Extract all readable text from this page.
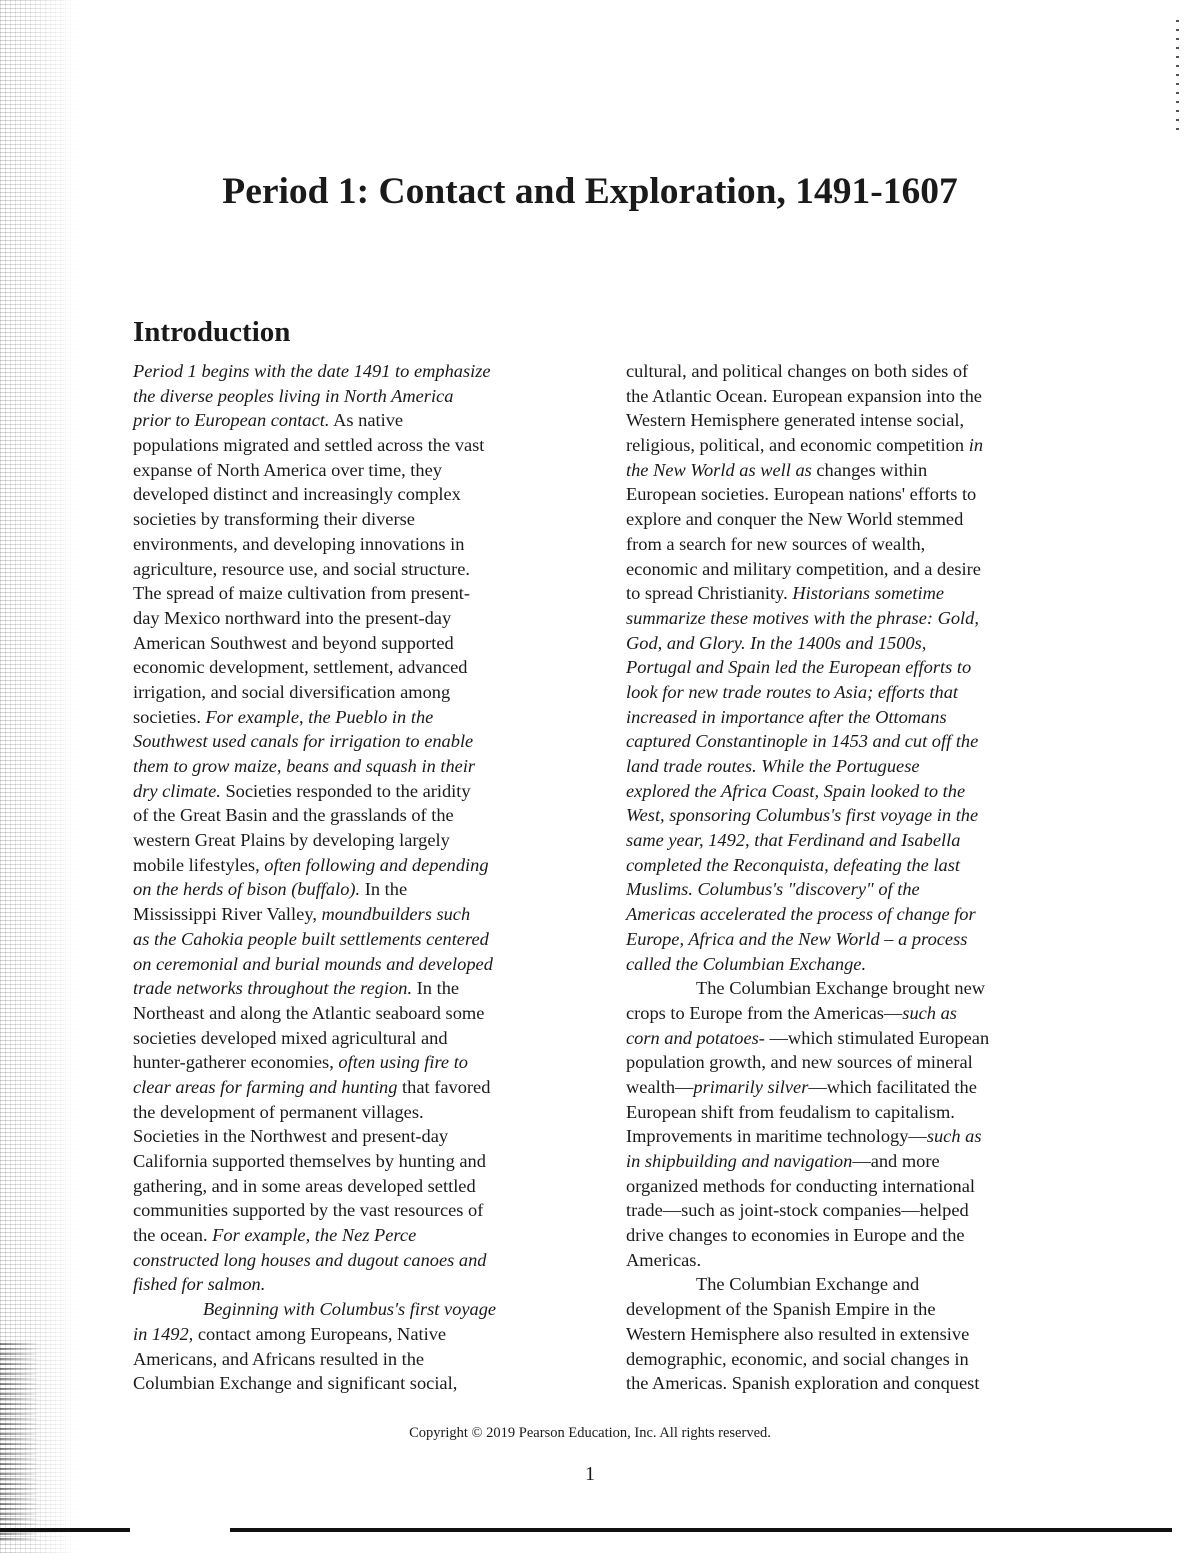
Period 1: Contact and Exploration, 1491-1607
Introduction
Period 1 begins with the date 1491 to emphasize
the diverse peoples living in North America
prior to European contact. As native
populations migrated and settled across the vast
expanse of North America over time, they
developed distinct and increasingly complex
societies by transforming their diverse
environments, and developing innovations in
agriculture, resource use, and social structure.
The spread of maize cultivation from present-
day Mexico northward into the present-day
American Southwest and beyond supported
economic development, settlement, advanced
irrigation, and social diversification among
societies. For example, the Pueblo in the
Southwest used canals for irrigation to enable
them to grow maize, beans and squash in their
dry climate. Societies responded to the aridity
of the Great Basin and the grasslands of the
western Great Plains by developing largely
mobile lifestyles, often following and depending
on the herds of bison (buffalo). In the
Mississippi River Valley, moundbuilders such
as the Cahokia people built settlements centered
on ceremonial and burial mounds and developed
trade networks throughout the region. In the
Northeast and along the Atlantic seaboard some
societies developed mixed agricultural and
hunter-gatherer economies, often using fire to
clear areas for farming and hunting that favored
the development of permanent villages.
Societies in the Northwest and present-day
California supported themselves by hunting and
gathering, and in some areas developed settled
communities supported by the vast resources of
the ocean. For example, the Nez Perce
constructed long houses and dugout canoes and
fished for salmon.
Beginning with Columbus's first voyage
in 1492, contact among Europeans, Native
Americans, and Africans resulted in the
Columbian Exchange and significant social,
cultural, and political changes on both sides of
the Atlantic Ocean. European expansion into the
Western Hemisphere generated intense social,
religious, political, and economic competition in
the New World as well as changes within
European societies. European nations' efforts to
explore and conquer the New World stemmed
from a search for new sources of wealth,
economic and military competition, and a desire
to spread Christianity. Historians sometime
summarize these motives with the phrase: Gold,
God, and Glory. In the 1400s and 1500s,
Portugal and Spain led the European efforts to
look for new trade routes to Asia; efforts that
increased in importance after the Ottomans
captured Constantinople in 1453 and cut off the
land trade routes. While the Portuguese
explored the Africa Coast, Spain looked to the
West, sponsoring Columbus's first voyage in the
same year, 1492, that Ferdinand and Isabella
completed the Reconquista, defeating the last
Muslims. Columbus's "discovery" of the
Americas accelerated the process of change for
Europe, Africa and the New World – a process
called the Columbian Exchange.
The Columbian Exchange brought new
crops to Europe from the Americas—such as
corn and potatoes- —which stimulated European
population growth, and new sources of mineral
wealth—primarily silver—which facilitated the
European shift from feudalism to capitalism.
Improvements in maritime technology—such as
in shipbuilding and navigation—and more
organized methods for conducting international
trade—such as joint-stock companies—helped
drive changes to economies in Europe and the
Americas.
The Columbian Exchange and
development of the Spanish Empire in the
Western Hemisphere also resulted in extensive
demographic, economic, and social changes in
the Americas. Spanish exploration and conquest
Copyright © 2019 Pearson Education, Inc. All rights reserved.
1
